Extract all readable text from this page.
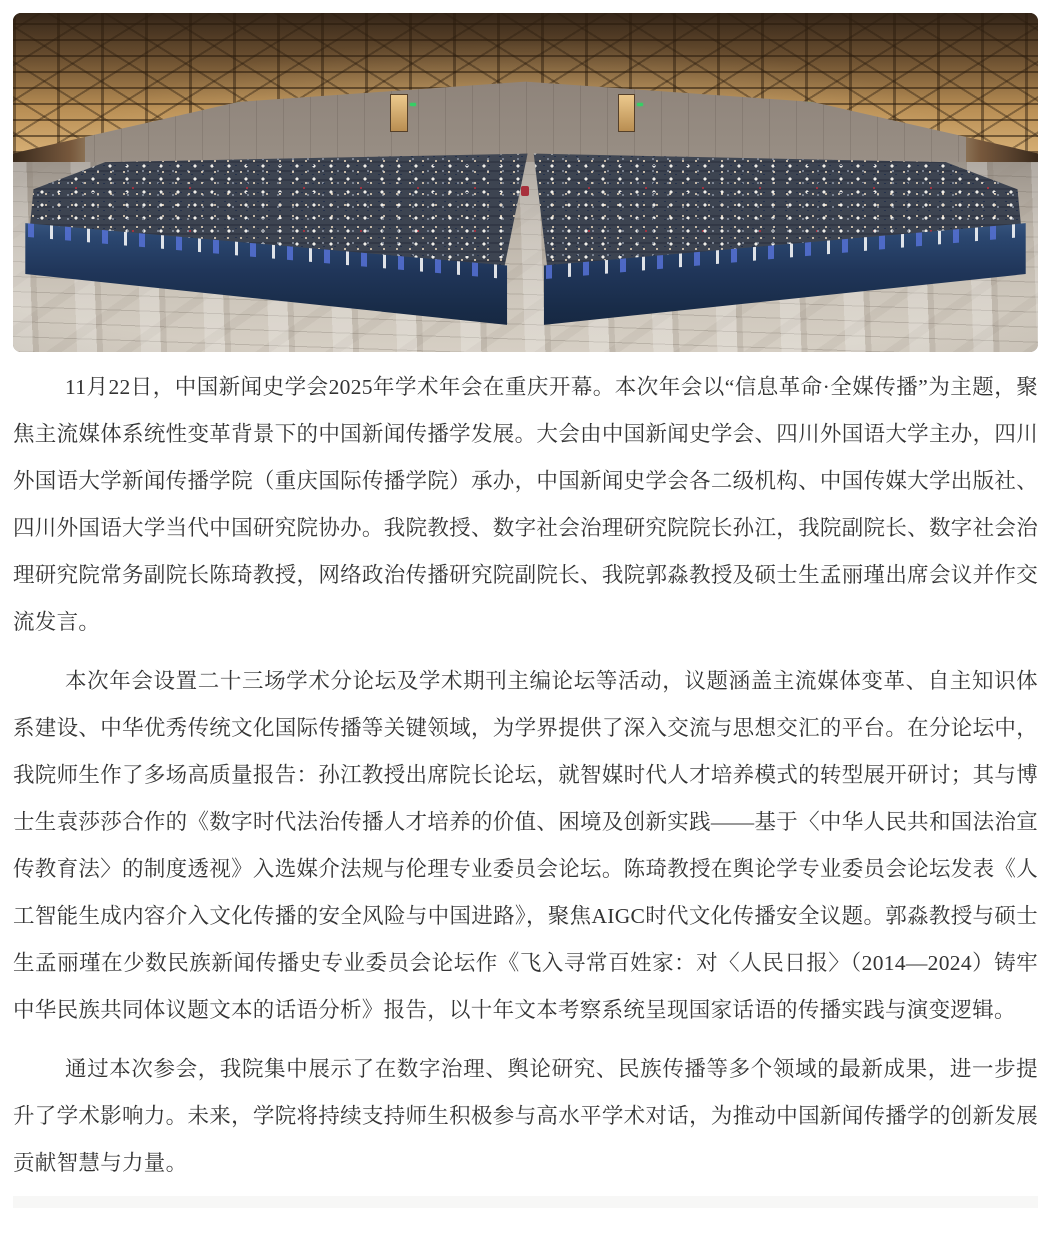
11月22日，中国新闻史学会2025年学术年会在重庆开幕。本次年会以“信息革命·全媒传播”为主题，聚焦主流媒体系统性变革背景下的中国新闻传播学发展。大会由中国新闻史学会、四川外国语大学主办，四川外国语大学新闻传播学院（重庆国际传播学院）承办，中国新闻史学会各二级机构、中国传媒大学出版社、四川外国语大学当代中国研究院协办。我院教授、数字社会治理研究院院长孙江，我院副院长、数字社会治理研究院常务副院长陈琦教授，网络政治传播研究院副院长、我院郭淼教授及硕士生孟丽瑾出席会议并作交流发言。

本次年会设置二十三场学术分论坛及学术期刊主编论坛等活动，议题涵盖主流媒体变革、自主知识体系建设、中华优秀传统文化国际传播等关键领域，为学界提供了深入交流与思想交汇的平台。在分论坛中，我院师生作了多场高质量报告：孙江教授出席院长论坛，就智媒时代人才培养模式的转型展开研讨；其与博士生袁莎莎合作的《数字时代法治传播人才培养的价值、困境及创新实践——基于〈中华人民共和国法治宣传教育法〉的制度透视》入选媒介法规与伦理专业委员会论坛。陈琦教授在舆论学专业委员会论坛发表《人工智能生成内容介入文化传播的安全风险与中国进路》，聚焦AIGC时代文化传播安全议题。郭淼教授与硕士生孟丽瑾在少数民族新闻传播史专业委员会论坛作《飞入寻常百姓家：对〈人民日报〉（2014—2024）铸牢中华民族共同体议题文本的话语分析》报告，以十年文本考察系统呈现国家话语的传播实践与演变逻辑。

通过本次参会，我院集中展示了在数字治理、舆论研究、民族传播等多个领域的最新成果，进一步提升了学术影响力。未来，学院将持续支持师生积极参与高水平学术对话，为推动中国新闻传播学的创新发展贡献智慧与力量。
